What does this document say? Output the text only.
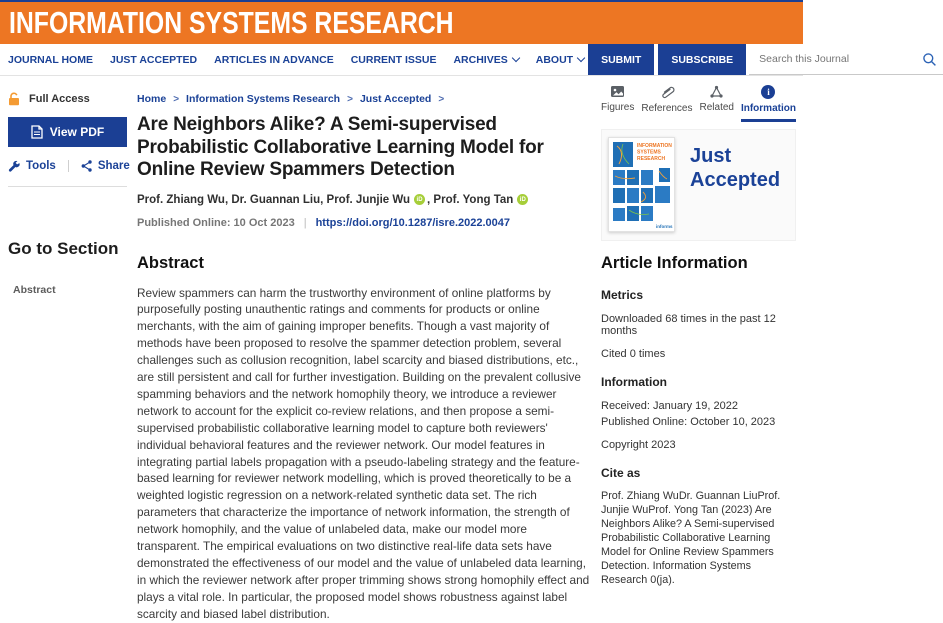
INFORMATION SYSTEMS RESEARCH
JOURNAL HOME JUST ACCEPTED ARTICLES IN ADVANCE CURRENT ISSUE ARCHIVES	ABOUT	SUBMIT	SUBSCRIBE
Search this Journal
Full Access
View PDF
Tools	Share
Go to Section
Abstract
Home > Information Systems Research > Just Accepted >
Are Neighbors Alike? A Semi-supervised Probabilistic Collaborative Learning Model for Online Review Spammers Detection
Prof. Zhiang Wu, Dr. Guannan Liu, Prof. Junjie Wu	iD , Prof. Yong Tan	iD
Published Online: 10 Oct 2023 | https://doi.org/10.1287/isre.2022.0047
Abstract

Review spammers can harm the trustworthy environment of online platforms by purposefully posting unauthentic ratings and comments for products or online merchants, with the aim of gaining improper benefits. Though a vast majority of methods have been proposed to resolve the spammer detection problem, several challenges such as collusion recognition, label scarcity and biased distributions, etc., are still persistent and call for further investigation. Building on the prevalent collusive spamming behaviors and the network homophily theory, we introduce a reviewer network to account for the explicit co-review relations, and then propose a semi-supervised probabilistic collaborative learning model to capture both reviewers' individual behavioral features and the reviewer network. Our model features in integrating partial labels propagation with a pseudo-labeling strategy and the feature-based learning for reviewer network modelling, which is proved theoretically to be a weighted logistic regression on a network-related synthetic data set. The rich parameters that characterize the importance of network information, the strength of network homophily, and the value of unlabeled data, make our model more transparent. The empirical evaluations on two distinctive real-life data sets have demonstrated the effectiveness of our model and the value of unlabeled data learning, in which the reviewer network after proper trimming shows strong homophily effect and plays a vital role. In particular, the proposed model shows robustness against label scarcity and biased label distribution.

Figures References Related
i
Information
INFORMATION
SYSTEMS
RESEARCH
informs
Just Accepted
Article Information
Metrics
Downloaded 68 times in the past 12 months
Cited 0 times
Information
Received: January 19, 2022
Published Online: October 10, 2023
Copyright 2023
Cite as

Prof. Zhiang WuDr. Guannan LiuProf. Junjie WuProf. Yong Tan (2023) Are Neighbors Alike? A Semi-supervised Probabilistic Collaborative Learning Model for Online Review Spammers Detection. Information Systems Research 0(ja).
